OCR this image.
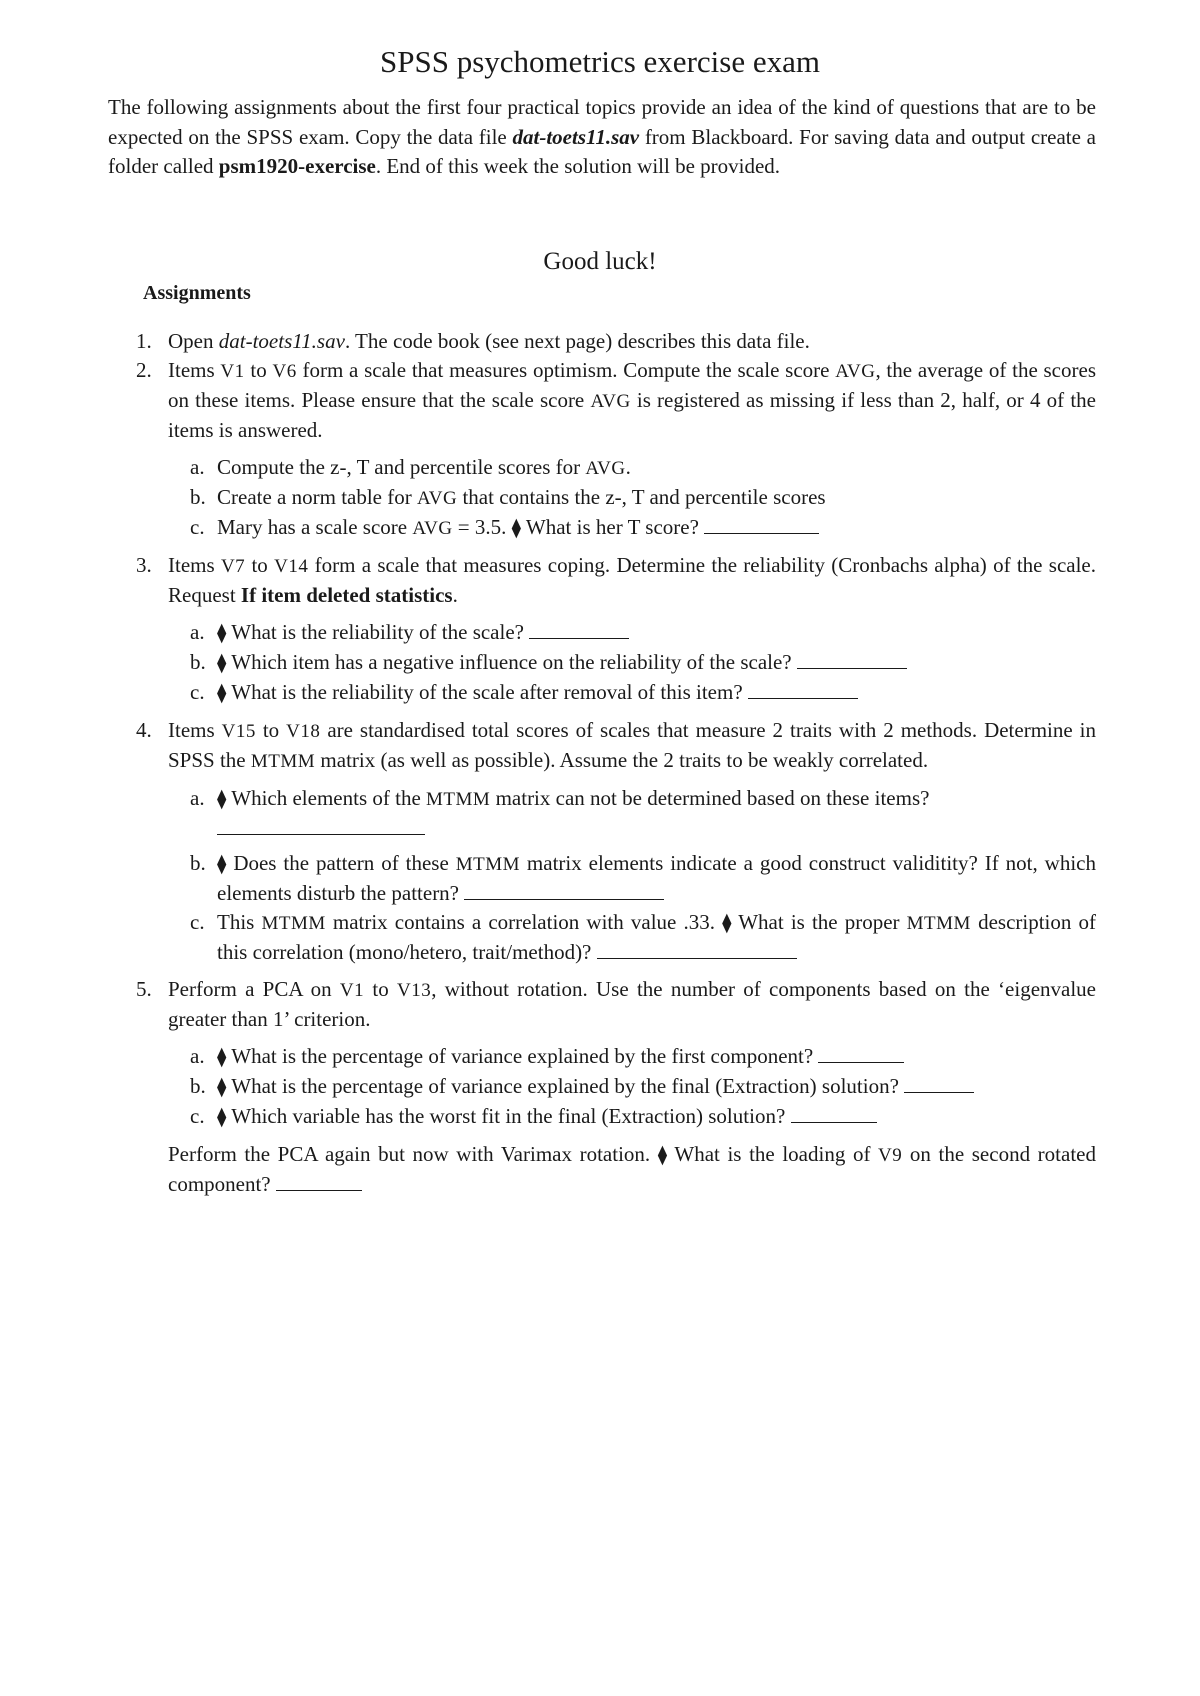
SPSS psychometrics exercise exam
The following assignments about the first four practical topics provide an idea of the kind of questions that are to be expected on the SPSS exam. Copy the data file dat-toets11.sav from Blackboard. For saving data and output create a folder called psm1920-exercise. End of this week the solution will be provided.
Good luck!
Assignments
1. Open dat-toets11.sav. The code book (see next page) describes this data file.
2. Items V1 to V6 form a scale that measures optimism. Compute the scale score AVG, the average of the scores on these items. Please ensure that the scale score AVG is registered as missing if less than 2, half, or 4 of the items is answered.
a. Compute the z-, T and percentile scores for AVG.
b. Create a norm table for AVG that contains the z-, T and percentile scores
c. Mary has a scale score AVG = 3.5. ⧫ What is her T score?
3. Items V7 to V14 form a scale that measures coping. Determine the reliability (Cronbachs alpha) of the scale. Request If item deleted statistics.
a. ⧫ What is the reliability of the scale?
b. ⧫ Which item has a negative influence on the reliability of the scale?
c. ⧫ What is the reliability of the scale after removal of this item?
4. Items V15 to V18 are standardised total scores of scales that measure 2 traits with 2 methods. Determine in SPSS the MTMM matrix (as well as possible). Assume the 2 traits to be weakly correlated.
a. ⧫ Which elements of the MTMM matrix can not be determined based on these items?

b. ⧫ Does the pattern of these MTMM matrix elements indicate a good construct validitity? If not, which elements disturb the pattern?
c. This MTMM matrix contains a correlation with value .33. ⧫ What is the proper MTMM description of this correlation (mono/hetero, trait/method)?
5. Perform a PCA on V1 to V13, without rotation. Use the number of components based on the ‘eigenvalue greater than 1’ criterion.
a. ⧫ What is the percentage of variance explained by the first component?
b. ⧫ What is the percentage of variance explained by the final (Extraction) solution?
c. ⧫ Which variable has the worst fit in the final (Extraction) solution?
Perform the PCA again but now with Varimax rotation. ⧫ What is the loading of V9 on the second rotated component?
